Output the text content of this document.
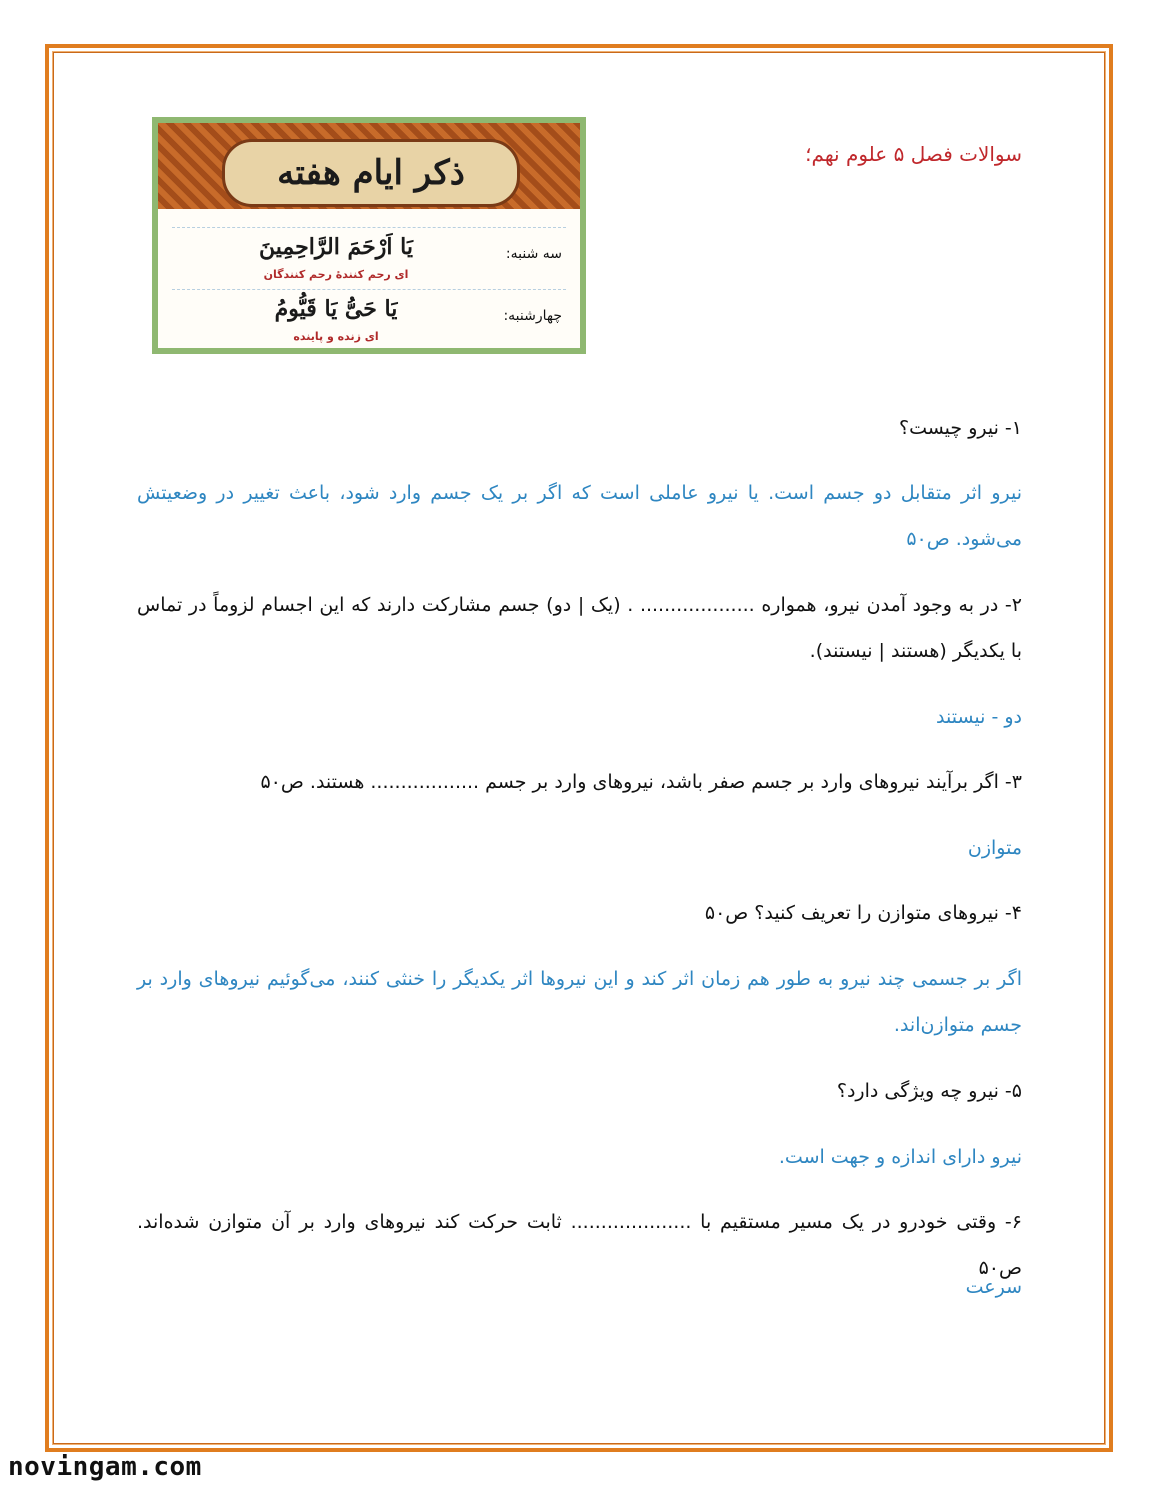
سوالات فصل ۵ علوم نهم؛
ذکر ایام هفته
سه شنبه:
یَا اَرْحَمَ الرَّاحِمِینَ
ای رحم کنندهٔ رحم کنندگان
چهارشنبه:
یَا حَیُّ یَا قَیُّومُ
ای زنده و پاینده
۱- نیرو چیست؟
نیرو اثر متقابل دو جسم است. یا نیرو عاملی است که اگر بر یک جسم وارد شود، باعث تغییر در وضعیتش می‌شود. ص۵۰
۲- در به وجود آمدن نیرو، همواره ................... . (یک | دو) جسم مشارکت دارند که این اجسام لزوماً در تماس با یکدیگر (هستند | نیستند).
دو - نیستند
۳- اگر برآیند نیروهای وارد بر جسم صفر باشد، نیروهای وارد بر جسم .................. هستند. ص۵۰
متوازن
۴- نیروهای متوازن را تعریف کنید؟ ص۵۰
اگر بر جسمی چند نیرو به طور هم زمان اثر کند و این نیروها اثر یکدیگر را خنثی کنند، می‌گوئیم نیروهای وارد بر جسم متوازن‌اند.
۵- نیرو چه ویژگی دارد؟
نیرو دارای اندازه و جهت است.
۶- وقتی خودرو در یک مسیر مستقیم با .................... ثابت حرکت کند نیروهای وارد بر آن متوازن شده‌اند. ص۵۰
سرعت
novingam.com
